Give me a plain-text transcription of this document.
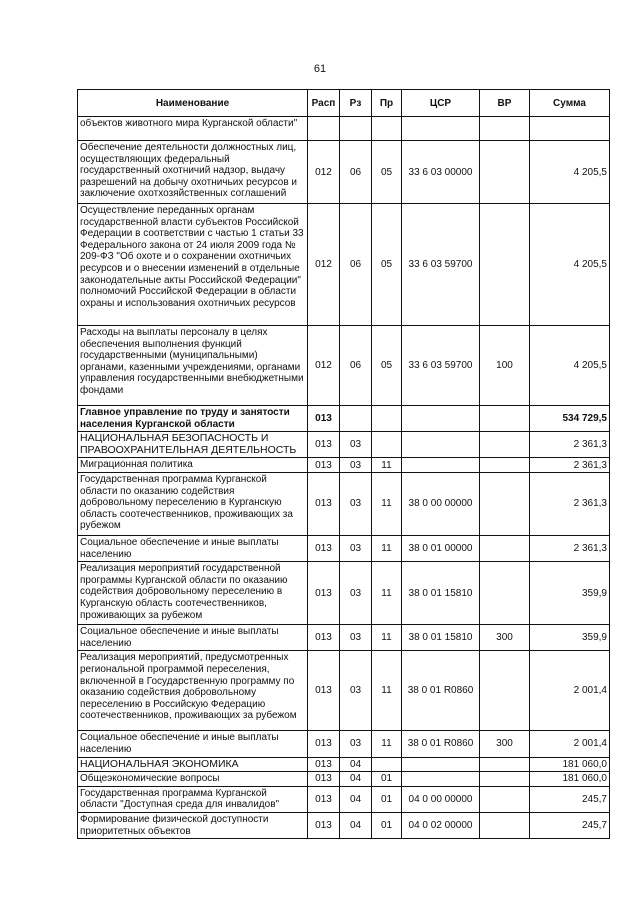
61
Наименование	Расп	Рз	Пр	ЦСР	ВР	Сумма
объектов животного мира Курганской области"						
Обеспечение деятельности должностных лиц, осуществляющих федеральный государственный охотничий надзор, выдачу разрешений на добычу охотничьих ресурсов и заключение охотхозяйственных соглашений	012	06	05	33 6 03 00000		4 205,5
Осуществление переданных органам государственной власти субъектов Российской Федерации в соответствии с частью 1 статьи 33 Федерального закона от 24 июля 2009 года № 209-ФЗ "Об охоте и о сохранении охотничьих ресурсов и о внесении изменений в отдельные законодательные акты Российской Федерации" полномочий Российской Федерации в области охраны и использования охотничьих ресурсов	012	06	05	33 6 03 59700		4 205,5
Расходы на выплаты персоналу в целях обеспечения выполнения функций государственными (муниципальными) органами, казенными учреждениями, органами управления государственными внебюджетными фондами	012	06	05	33 6 03 59700	100	4 205,5
Главное управление по труду и занятости населения Курганской области	013					534 729,5
НАЦИОНАЛЬНАЯ БЕЗОПАСНОСТЬ И ПРАВООХРАНИТЕЛЬНАЯ ДЕЯТЕЛЬНОСТЬ	013	03				2 361,3
Миграционная политика	013	03	11			2 361,3
Государственная программа Курганской области по оказанию содействия добровольному переселению в Курганскую область соотечественников, проживающих за рубежом	013	03	11	38 0 00 00000		2 361,3
Социальное обеспечение и иные выплаты населению	013	03	11	38 0 01 00000		2 361,3
Реализация мероприятий государственной программы Курганской области по оказанию содействия добровольному переселению в Курганскую область соотечественников, проживающих за рубежом	013	03	11	38 0 01 15810		359,9
Социальное обеспечение и иные выплаты населению	013	03	11	38 0 01 15810	300	359,9
Реализация мероприятий, предусмотренных региональной программой переселения, включенной в Государственную программу по оказанию содействия добровольному переселению в Российскую Федерацию соотечественников, проживающих за рубежом	013	03	11	38 0 01 R0860		2 001,4
Социальное обеспечение и иные выплаты населению	013	03	11	38 0 01 R0860	300	2 001,4
НАЦИОНАЛЬНАЯ ЭКОНОМИКА	013	04				181 060,0
Общеэкономические вопросы	013	04	01			181 060,0
Государственная программа Курганской области "Доступная среда для инвалидов"	013	04	01	04 0 00 00000		245,7
Формирование физической доступности приоритетных объектов	013	04	01	04 0 02 00000		245,7
